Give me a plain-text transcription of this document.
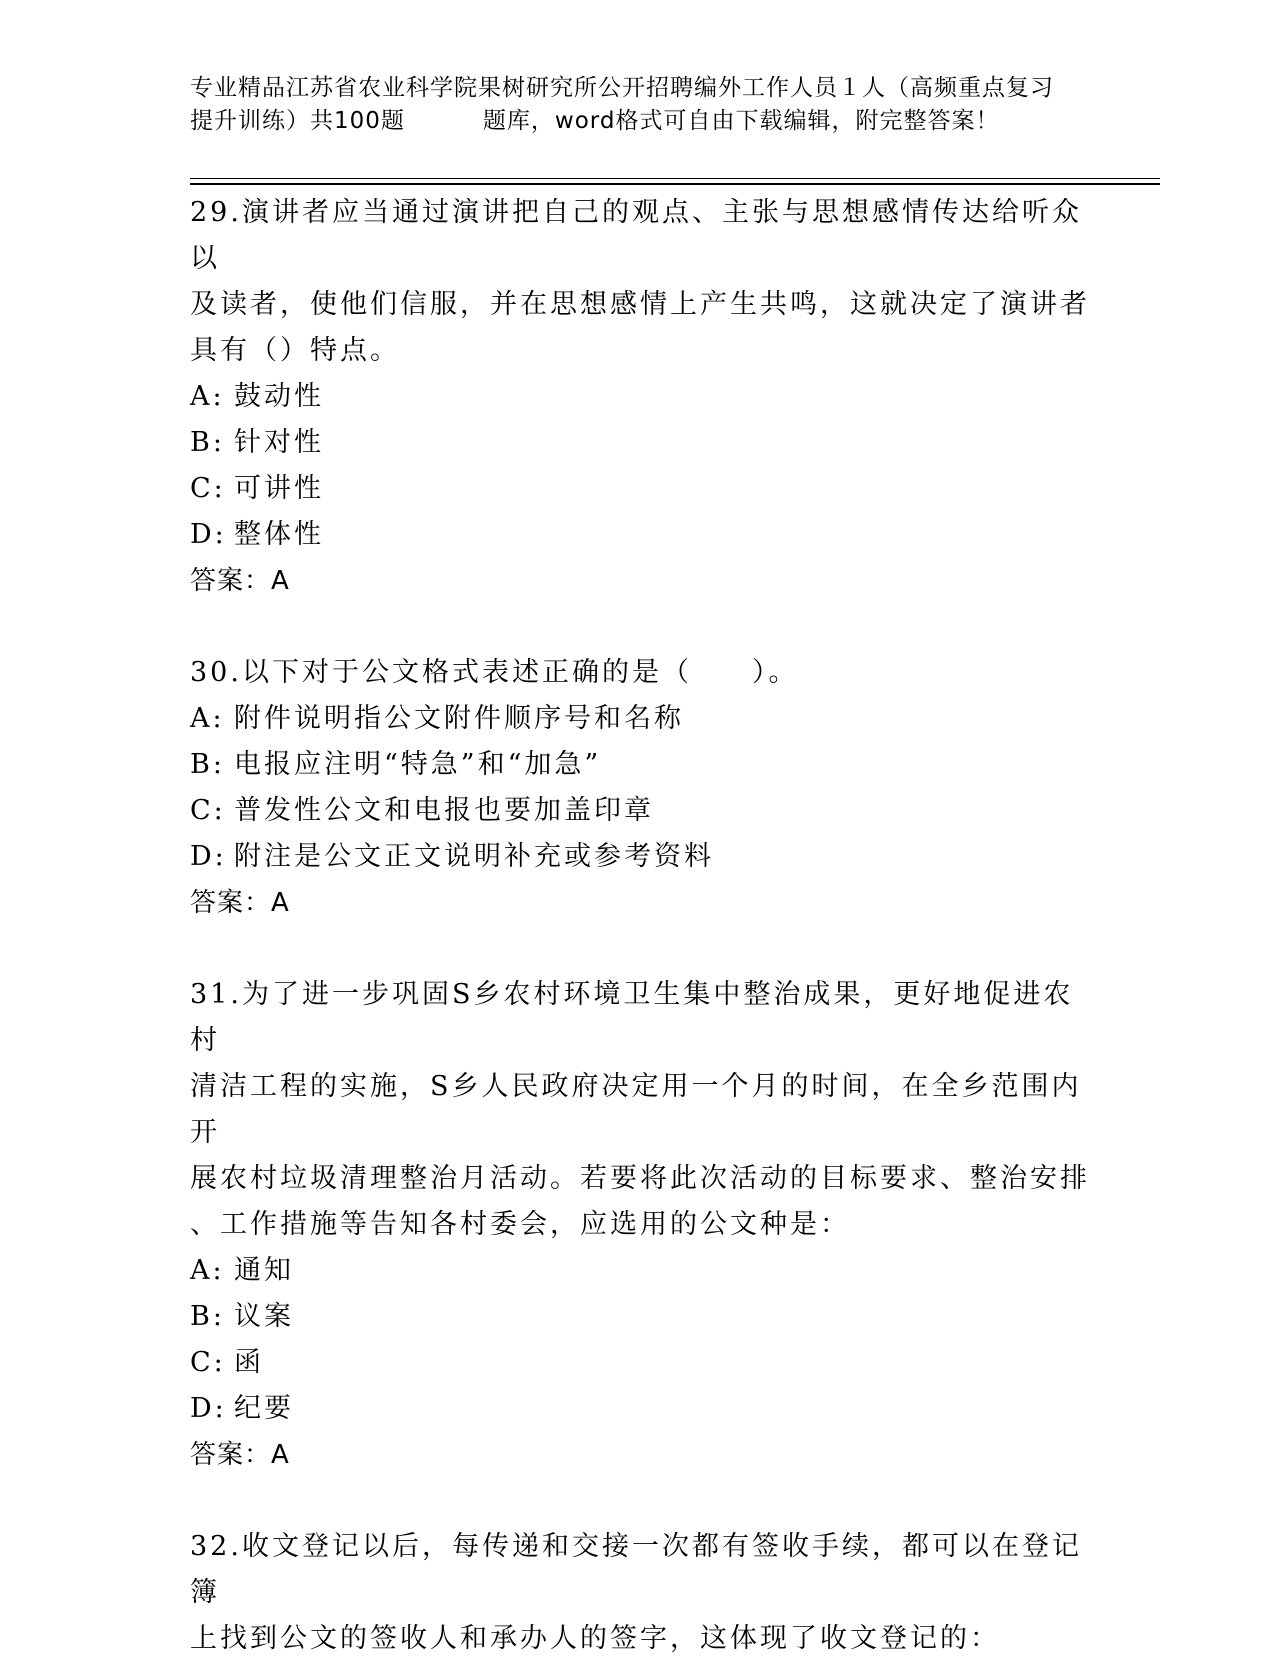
专业精品江苏省农业科学院果树研究所公开招聘编外工作人员１人（高频重点复习
提升训练）共100题	题库，word格式可自由下载编辑，附完整答案！
29.演讲者应当通过演讲把自己的观点、主张与思想感情传达给听众以
及读者，使他们信服，并在思想感情上产生共鸣，这就决定了演讲者
具有（）特点。
A: 鼓动性
B: 针对性
C: 可讲性
D: 整体性
答案：A
30.以下对于公文格式表述正确的是（　　）。
A: 附件说明指公文附件顺序号和名称
B: 电报应注明“特急”和“加急”
C: 普发性公文和电报也要加盖印章
D: 附注是公文正文说明补充或参考资料
答案：A
31.为了进一步巩固S乡农村环境卫生集中整治成果，更好地促进农村
清洁工程的实施，S乡人民政府决定用一个月的时间，在全乡范围内开
展农村垃圾清理整治月活动。若要将此次活动的目标要求、整治安排
、工作措施等告知各村委会，应选用的公文种是：
A: 通知
B: 议案
C: 函
D: 纪要
答案：A
32.收文登记以后，每传递和交接一次都有签收手续，都可以在登记簿
上找到公文的签收人和承办人的签字，这体现了收文登记的：
